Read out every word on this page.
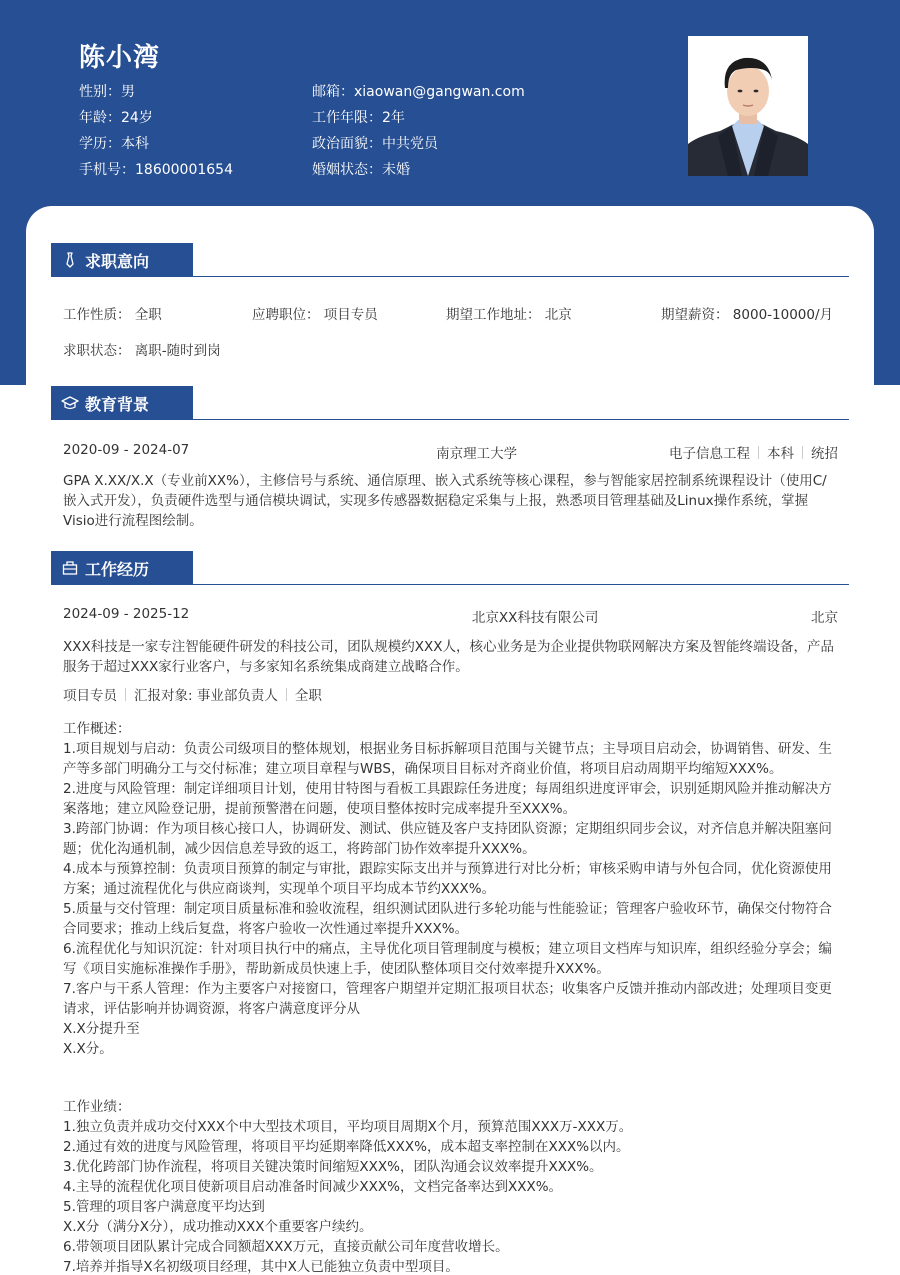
陈小湾
性别：男
年龄：24岁
学历：本科
手机号：18600001654
邮箱：xiaowan@gangwan.com
工作年限：2年
政治面貌：中共党员
婚姻状态：未婚
求职意向
工作性质： 全职	应聘职位： 项目专员	期望工作地址： 北京	期望薪资： 8000-10000/月
求职状态： 离职-随时到岗
教育背景
2020-09 - 2024-07	南京理工大学	电子信息工程 本科 统招
GPA X.XX/X.X（专业前XX%），主修信号与系统、通信原理、嵌入式系统等核心课程，参与智能家居控制系统课程设计（使用C/嵌入式开发），负责硬件选型与通信模块调试，实现多传感器数据稳定采集与上报，熟悉项目管理基础及Linux操作系统，掌握Visio进行流程图绘制。
工作经历
2024-09 - 2025-12	北京XX科技有限公司	北京
XXX科技是一家专注智能硬件研发的科技公司，团队规模约XXX人，核心业务是为企业提供物联网解决方案及智能终端设备，产品服务于超过XXX家行业客户，与多家知名系统集成商建立战略合作。
项目专员 汇报对象: 事业部负责人 全职
工作概述：
1.项目规划与启动：负责公司级项目的整体规划，根据业务目标拆解项目范围与关键节点；主导项目启动会，协调销售、研发、生产等多部门明确分工与交付标准；建立项目章程与WBS，确保项目目标对齐商业价值，将项目启动周期平均缩短XXX%。
2.进度与风险管理：制定详细项目计划，使用甘特图与看板工具跟踪任务进度；每周组织进度评审会，识别延期风险并推动解决方案落地；建立风险登记册，提前预警潜在问题，使项目整体按时完成率提升至XXX%。
3.跨部门协调：作为项目核心接口人，协调研发、测试、供应链及客户支持团队资源；定期组织同步会议，对齐信息并解决阻塞问题；优化沟通机制，减少因信息差导致的返工，将跨部门协作效率提升XXX%。
4.成本与预算控制：负责项目预算的制定与审批，跟踪实际支出并与预算进行对比分析；审核采购申请与外包合同，优化资源使用方案；通过流程优化与供应商谈判，实现单个项目平均成本节约XXX%。
5.质量与交付管理：制定项目质量标准和验收流程，组织测试团队进行多轮功能与性能验证；管理客户验收环节，确保交付物符合合同要求；推动上线后复盘，将客户验收一次性通过率提升XXX%。
6.流程优化与知识沉淀：针对项目执行中的痛点，主导优化项目管理制度与模板；建立项目文档库与知识库，组织经验分享会；编写《项目实施标准操作手册》，帮助新成员快速上手，使团队整体项目交付效率提升XXX%。
7.客户与干系人管理：作为主要客户对接窗口，管理客户期望并定期汇报项目状态；收集客户反馈并推动内部改进；处理项目变更请求，评估影响并协调资源，将客户满意度评分从
X.X分提升至
X.X分。
工作业绩：
1.独立负责并成功交付XXX个中大型技术项目，平均项目周期X个月，预算范围XXX万-XXX万。
2.通过有效的进度与风险管理，将项目平均延期率降低XXX%，成本超支率控制在XXX%以内。
3.优化跨部门协作流程，将项目关键决策时间缩短XXX%，团队沟通会议效率提升XXX%。
4.主导的流程优化项目使新项目启动准备时间减少XXX%，文档完备率达到XXX%。
5.管理的项目客户满意度平均达到
X.X分（满分X分），成功推动XXX个重要客户续约。
6.带领项目团队累计完成合同额超XXX万元，直接贡献公司年度营收增长。
7.培养并指导X名初级项目经理，其中X人已能独立负责中型项目。
